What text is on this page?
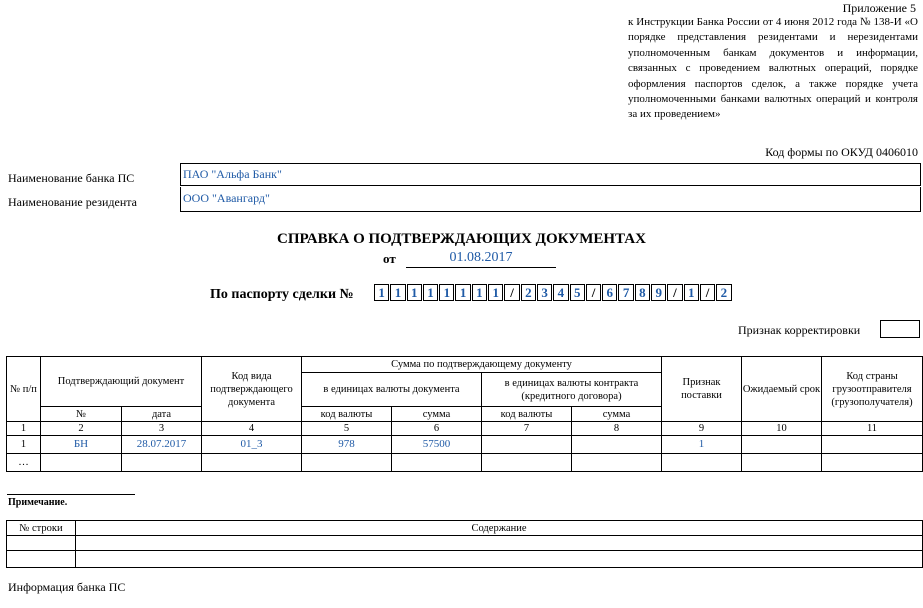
Приложение 5
к Инструкции Банка России от 4 июня 2012 года № 138-И «О порядке представления резидентами и нерезидентами уполномоченным банкам документов и информации, связанных с проведением валютных операций, порядке оформления паспортов сделок, а также порядке учета уполномоченными банками валютных операций и контроля за их проведением»
Код формы по ОКУД 0406010
Наименование банка ПС	ПАО "Альфа Банк"
Наименование резидента	ООО "Авангард"
СПРАВКА О ПОДТВЕРЖДАЮЩИХ ДОКУМЕНТАХ
от	01.08.2017
По паспорту сделки №	1 1 1 1 1 1 1 1 / 2 3 4 5 / 6 7 8 9 / 1 / 2
Признак корректировки
№ п/п	Подтверждающий документ		Код вида подтверждающего документа	Сумма по подтверждающему документу				Признак поставки	Ожидаемый срок	Код страны грузоотправителя (грузополучателя)
				в единицах валюты документа		в единицах валюты контракта (кредитного договора)				
	№	дата		код валюты	сумма	код валюты	сумма			
1	2	3	4	5	6	7	8	9	10	11
1	БН	28.07.2017	01_3	978	57500			1		
…										
Примечание.
№ строки	Содержание

Информация банка ПС
